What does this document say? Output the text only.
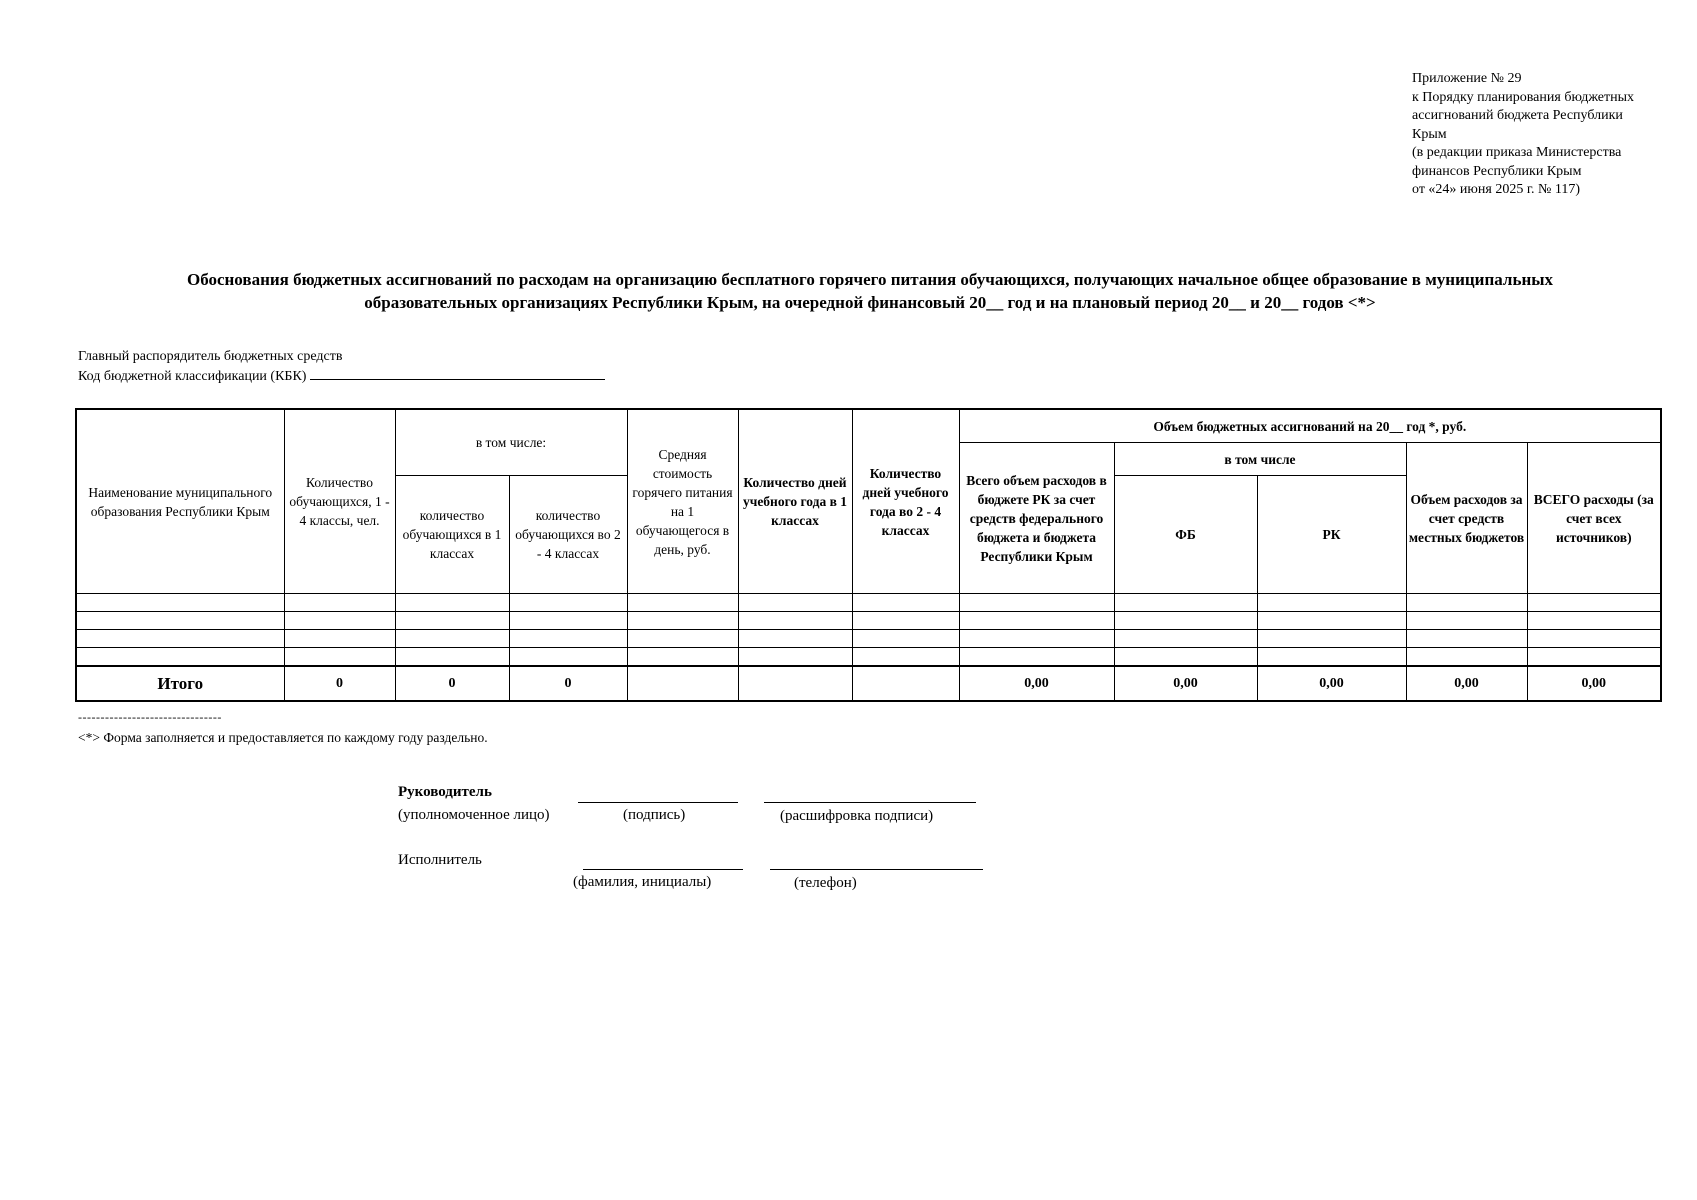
Приложение № 29
к Порядку планирования бюджетных
ассигнований бюджета Республики
Крым
(в редакции приказа Министерства
финансов Республики Крым
от «24» июня 2025 г. № 117)
Обоснования бюджетных ассигнований по расходам на организацию бесплатного горячего питания обучающихся, получающих начальное общее образование в муниципальных
образовательных организациях Республики Крым, на очередной финансовый 20__ год и на плановый период 20__ и 20__ годов <*>
Главный распорядитель бюджетных средств
Код бюджетной классификации (КБК)
Наименование муниципального образования Республики Крым	Количество обучающихся, 1 - 4 классы, чел.	в том числе:		Средняя стоимость горячего питания на 1 обучающегося в день, руб.	Количество дней учебного года в 1 классах	Количество дней учебного года во 2 - 4 классах	Объем бюджетных ассигнований на 20__ год *, руб.				
							Всего объем расходов в бюджете РК за счет средств федерального бюджета и бюджета Республики Крым	в том числе		Объем расходов за счет средств местных бюджетов	ВСЕГО расходы (за счет всех источников)
		количество обучающихся в 1 классах	количество обучающихся во 2 - 4 классах					ФБ	РК		

Итого	0	0	0				0,00	0,00	0,00	0,00	0,00
--------------------------------
<*> Форма заполняется и предоставляется по каждому году раздельно.
Руководитель
(уполномоченное лицо)	(подпись)	(расшифровка подписи)
Исполнитель
(фамилия, инициалы)	(телефон)
